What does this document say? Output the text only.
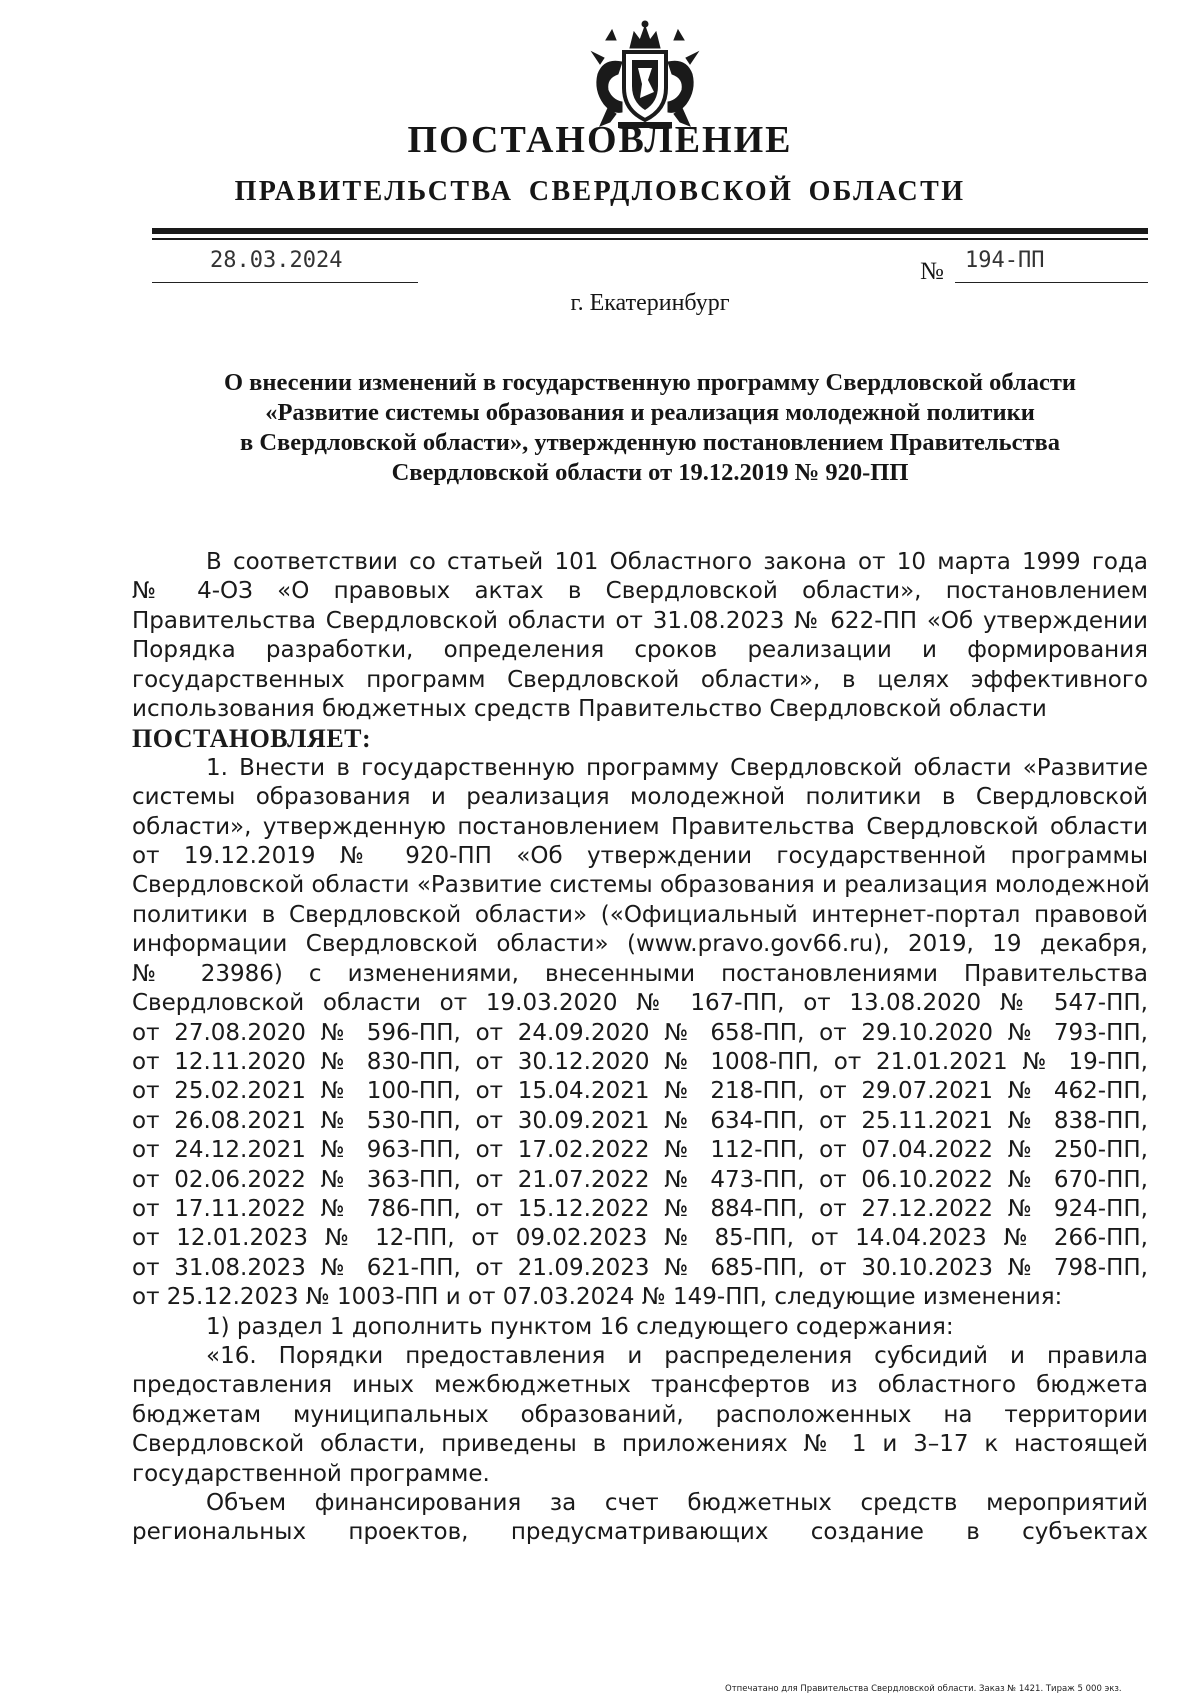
ПОСТАНОВЛЕНИЕ
ПРАВИТЕЛЬСТВА СВЕРДЛОВСКОЙ ОБЛАСТИ
28.03.2024	№ 194-ПП
г. Екатеринбург
О внесении изменений в государственную программу Свердловской области
«Развитие системы образования и реализация молодежной политики
в Свердловской области», утвержденную постановлением Правительства
Свердловской области от 19.12.2019 № 920-ПП
В соответствии со статьей 101 Областного закона от 10 марта 1999 года
№ 4-ОЗ «О правовых актах в Свердловской области», постановлением
Правительства Свердловской области от 31.08.2023 № 622-ПП «Об утверждении
Порядка разработки, определения сроков реализации и формирования
государственных программ Свердловской области», в целях эффективного
использования бюджетных средств Правительство Свердловской области
ПОСТАНОВЛЯЕТ:
1. Внести в государственную программу Свердловской области «Развитие
системы образования и реализация молодежной политики в Свердловской
области», утвержденную постановлением Правительства Свердловской области
от 19.12.2019 № 920-ПП «Об утверждении государственной программы
Свердловской области «Развитие системы образования и реализация молодежной
политики в Свердловской области» («Официальный интернет-портал правовой
информации Свердловской области» (www.pravo.gov66.ru), 2019, 19 декабря,
№ 23986) с изменениями, внесенными постановлениями Правительства
Свердловской области от 19.03.2020 № 167-ПП, от 13.08.2020 № 547-ПП,
от 27.08.2020 № 596-ПП, от 24.09.2020 № 658-ПП, от 29.10.2020 № 793-ПП,
от 12.11.2020 № 830-ПП, от 30.12.2020 № 1008-ПП, от 21.01.2021 № 19-ПП,
от 25.02.2021 № 100-ПП, от 15.04.2021 № 218-ПП, от 29.07.2021 № 462-ПП,
от 26.08.2021 № 530-ПП, от 30.09.2021 № 634-ПП, от 25.11.2021 № 838-ПП,
от 24.12.2021 № 963-ПП, от 17.02.2022 № 112-ПП, от 07.04.2022 № 250-ПП,
от 02.06.2022 № 363-ПП, от 21.07.2022 № 473-ПП, от 06.10.2022 № 670-ПП,
от 17.11.2022 № 786-ПП, от 15.12.2022 № 884-ПП, от 27.12.2022 № 924-ПП,
от 12.01.2023 № 12-ПП, от 09.02.2023 № 85-ПП, от 14.04.2023 № 266-ПП,
от 31.08.2023 № 621-ПП, от 21.09.2023 № 685-ПП, от 30.10.2023 № 798-ПП,
от 25.12.2023 № 1003-ПП и от 07.03.2024 № 149-ПП, следующие изменения:
1) раздел 1 дополнить пунктом 16 следующего содержания:
«16. Порядки предоставления и распределения субсидий и правила
предоставления иных межбюджетных трансфертов из областного бюджета
бюджетам муниципальных образований, расположенных на территории
Свердловской области, приведены в приложениях № 1 и 3–17 к настоящей
государственной программе.
Объем финансирования за счет бюджетных средств мероприятий
региональных проектов, предусматривающих создание в субъектах
Отпечатано для Правительства Свердловской области. Заказ № 1421. Тираж 5 000 экз.
